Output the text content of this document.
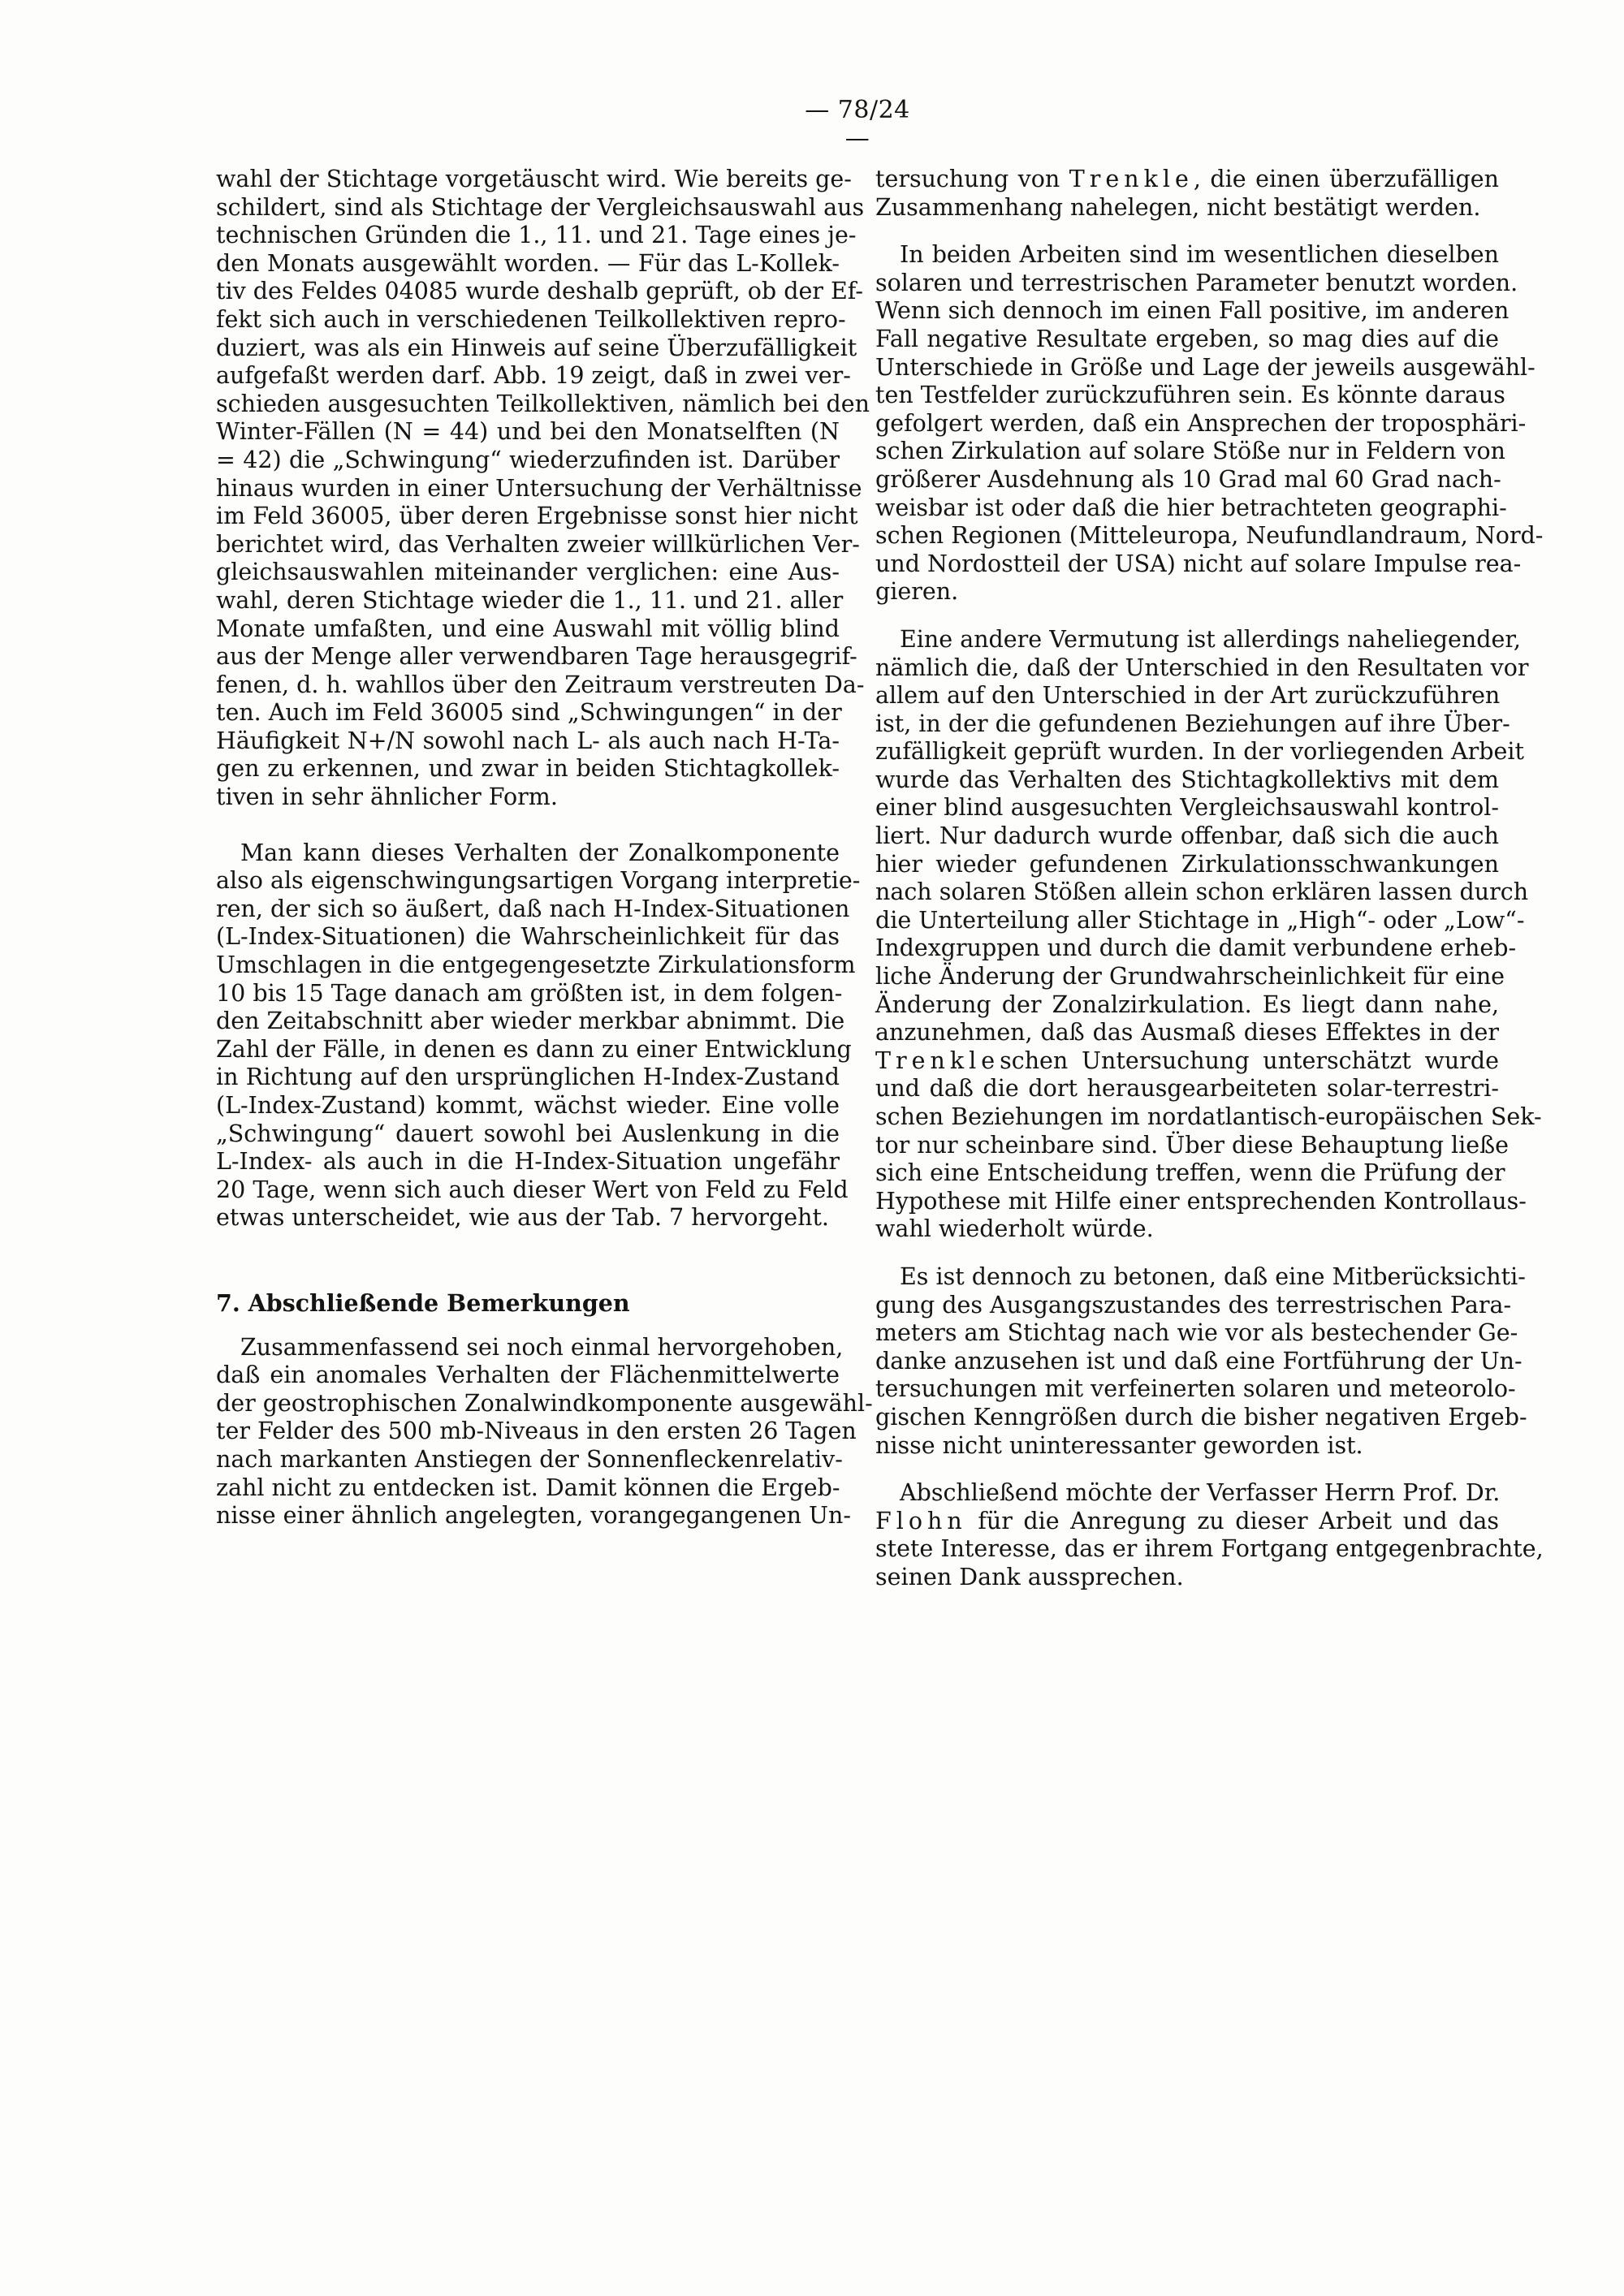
— 78/24 —
wahl der Stichtage vorgetäuscht wird. Wie bereits ge-
schildert, sind als Stichtage der Vergleichsauswahl aus
technischen Gründen die 1., 11. und 21. Tage eines je-
den Monats ausgewählt worden. — Für das L-Kollek-
tiv des Feldes 04085 wurde deshalb geprüft, ob der Ef-
fekt sich auch in verschiedenen Teilkollektiven repro-
duziert, was als ein Hinweis auf seine Überzufälligkeit
aufgefaßt werden darf. Abb. 19 zeigt, daß in zwei ver-
schieden ausgesuchten Teilkollektiven, nämlich bei den
Winter-Fällen (N = 44) und bei den Monatselften (N
= 42) die „Schwingung“ wiederzufinden ist. Darüber
hinaus wurden in einer Untersuchung der Verhältnisse
im Feld 36005, über deren Ergebnisse sonst hier nicht
berichtet wird, das Verhalten zweier willkürlichen Ver-
gleichsauswahlen miteinander verglichen: eine Aus-
wahl, deren Stichtage wieder die 1., 11. und 21. aller
Monate umfaßten, und eine Auswahl mit völlig blind
aus der Menge aller verwendbaren Tage herausgegrif-
fenen, d. h. wahllos über den Zeitraum verstreuten Da-
ten. Auch im Feld 36005 sind „Schwingungen“ in der
Häufigkeit N+/N sowohl nach L- als auch nach H-Ta-
gen zu erkennen, und zwar in beiden Stichtagkollek-
tiven in sehr ähnlicher Form.
Man kann dieses Verhalten der Zonalkomponente
also als eigenschwingungsartigen Vorgang interpretie-
ren, der sich so äußert, daß nach H-Index-Situationen
(L-Index-Situationen) die Wahrscheinlichkeit für das
Umschlagen in die entgegengesetzte Zirkulationsform
10 bis 15 Tage danach am größten ist, in dem folgen-
den Zeitabschnitt aber wieder merkbar abnimmt. Die
Zahl der Fälle, in denen es dann zu einer Entwicklung
in Richtung auf den ursprünglichen H-Index-Zustand
(L-Index-Zustand) kommt, wächst wieder. Eine volle
„Schwingung“ dauert sowohl bei Auslenkung in die
L-Index- als auch in die H-Index-Situation ungefähr
20 Tage, wenn sich auch dieser Wert von Feld zu Feld
etwas unterscheidet, wie aus der Tab. 7 hervorgeht.
7. Abschließende Bemerkungen
Zusammenfassend sei noch einmal hervorgehoben,
daß ein anomales Verhalten der Flächenmittelwerte
der geostrophischen Zonalwindkomponente ausgewähl-
ter Felder des 500 mb-Niveaus in den ersten 26 Tagen
nach markanten Anstiegen der Sonnenfleckenrelativ-
zahl nicht zu entdecken ist. Damit können die Ergeb-
nisse einer ähnlich angelegten, vorangegangenen Un-
tersuchung von Trenkle, die einen überzufälligen
Zusammenhang nahelegen, nicht bestätigt werden.
In beiden Arbeiten sind im wesentlichen dieselben
solaren und terrestrischen Parameter benutzt worden.
Wenn sich dennoch im einen Fall positive, im anderen
Fall negative Resultate ergeben, so mag dies auf die
Unterschiede in Größe und Lage der jeweils ausgewähl-
ten Testfelder zurückzuführen sein. Es könnte daraus
gefolgert werden, daß ein Ansprechen der troposphäri-
schen Zirkulation auf solare Stöße nur in Feldern von
größerer Ausdehnung als 10 Grad mal 60 Grad nach-
weisbar ist oder daß die hier betrachteten geographi-
schen Regionen (Mitteleuropa, Neufundlandraum, Nord-
und Nordostteil der USA) nicht auf solare Impulse rea-
gieren.
Eine andere Vermutung ist allerdings naheliegender,
nämlich die, daß der Unterschied in den Resultaten vor
allem auf den Unterschied in der Art zurückzuführen
ist, in der die gefundenen Beziehungen auf ihre Über-
zufälligkeit geprüft wurden. In der vorliegenden Arbeit
wurde das Verhalten des Stichtagkollektivs mit dem
einer blind ausgesuchten Vergleichsauswahl kontrol-
liert. Nur dadurch wurde offenbar, daß sich die auch
hier wieder gefundenen Zirkulationsschwankungen
nach solaren Stößen allein schon erklären lassen durch
die Unterteilung aller Stichtage in „High“- oder „Low“-
Indexgruppen und durch die damit verbundene erheb-
liche Änderung der Grundwahrscheinlichkeit für eine
Änderung der Zonalzirkulation. Es liegt dann nahe,
anzunehmen, daß das Ausmaß dieses Effektes in der
Trenkleschen Untersuchung unterschätzt wurde
und daß die dort herausgearbeiteten solar-terrestri-
schen Beziehungen im nordatlantisch-europäischen Sek-
tor nur scheinbare sind. Über diese Behauptung ließe
sich eine Entscheidung treffen, wenn die Prüfung der
Hypothese mit Hilfe einer entsprechenden Kontrollaus-
wahl wiederholt würde.
Es ist dennoch zu betonen, daß eine Mitberücksichti-
gung des Ausgangszustandes des terrestrischen Para-
meters am Stichtag nach wie vor als bestechender Ge-
danke anzusehen ist und daß eine Fortführung der Un-
tersuchungen mit verfeinerten solaren und meteorolo-
gischen Kenngrößen durch die bisher negativen Ergeb-
nisse nicht uninteressanter geworden ist.
Abschließend möchte der Verfasser Herrn Prof. Dr.
Flohn für die Anregung zu dieser Arbeit und das
stete Interesse, das er ihrem Fortgang entgegenbrachte,
seinen Dank aussprechen.
